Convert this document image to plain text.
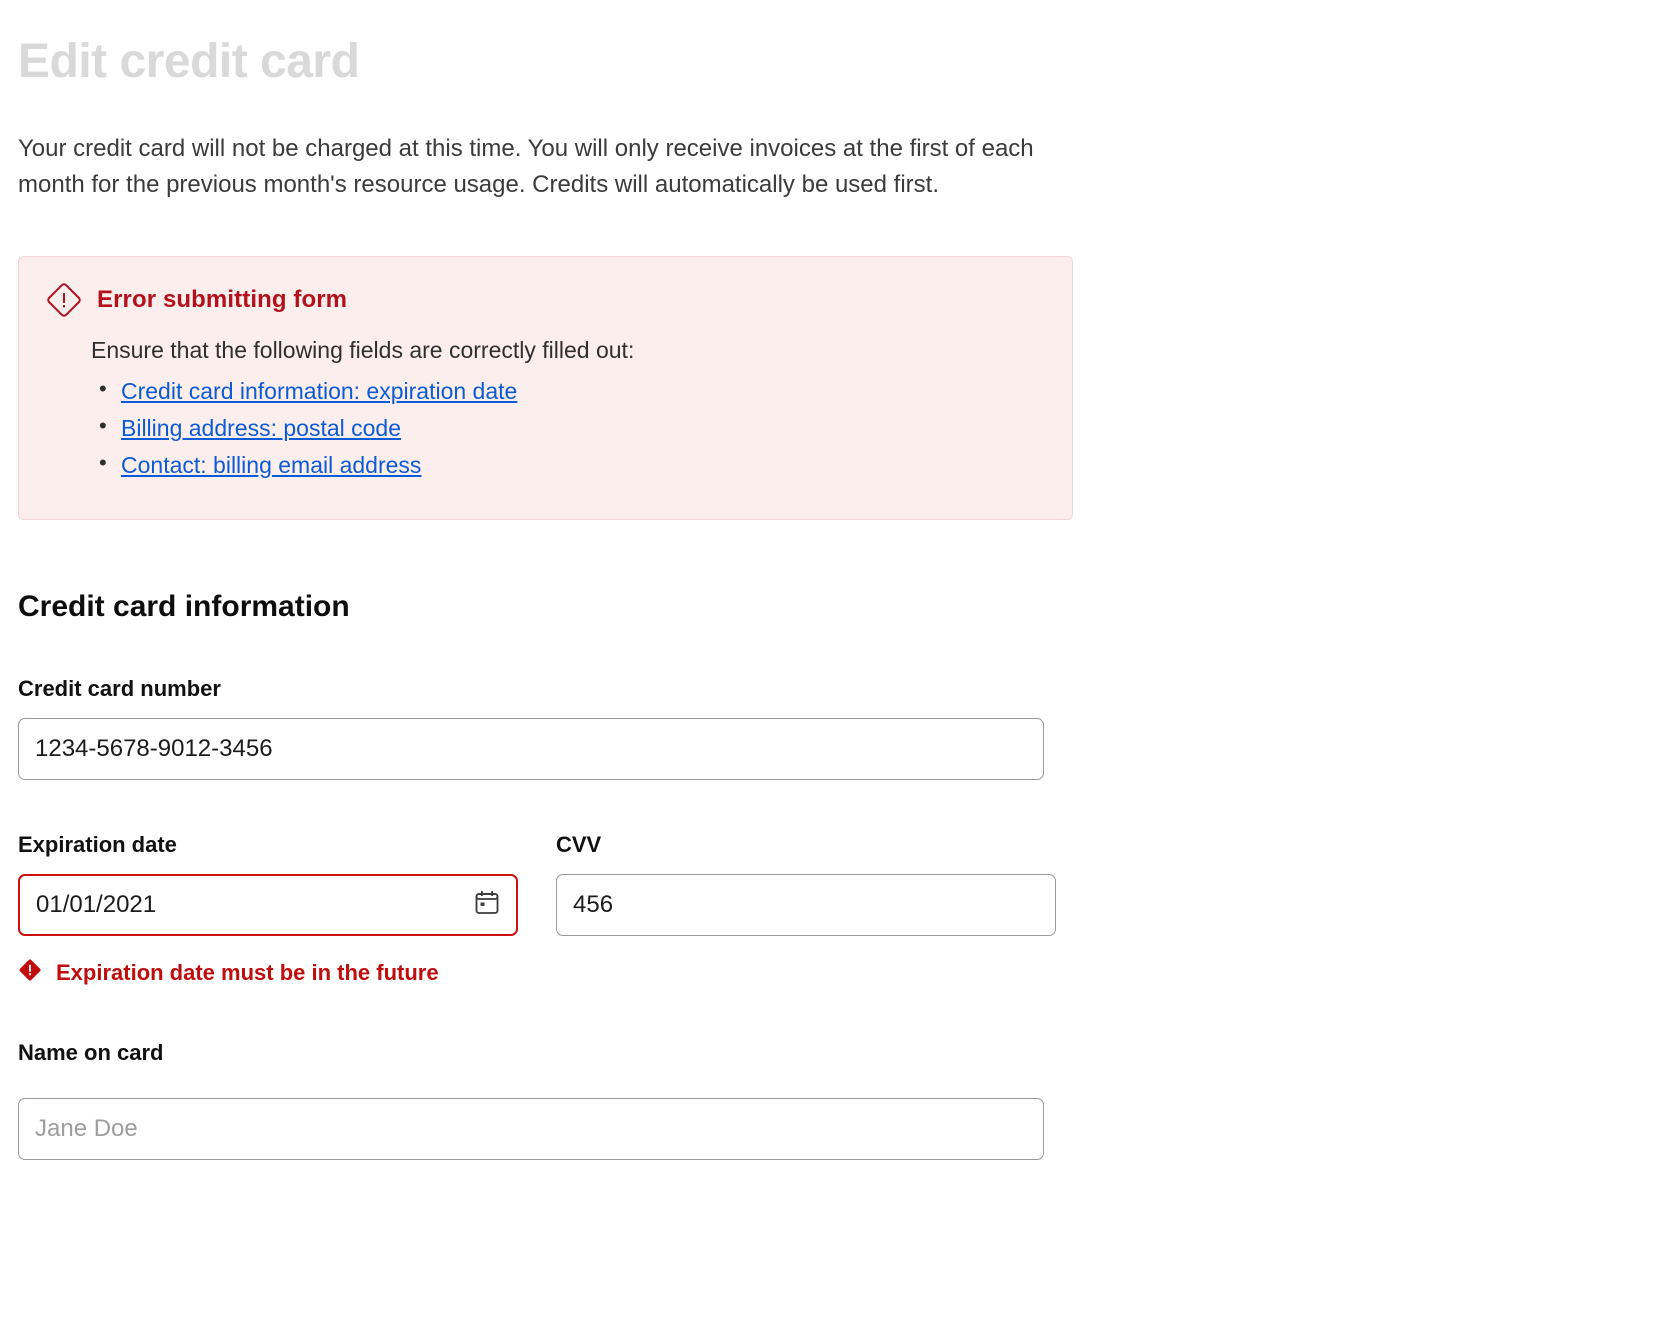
Edit credit card

Your credit card will not be charged at this time. You will only receive invoices at the first of each month for the previous month's resource usage. Credits will automatically be used first.

Error submitting form
Ensure that the following fields are correctly filled out:
• Credit card information: expiration date
• Billing address: postal code
• Contact: billing email address
Credit card information
Credit card number
1234-5678-9012-3456
Expiration date
01/01/2021
Expiration date must be in the future
CVV
456
Name on card
Jane Doe
